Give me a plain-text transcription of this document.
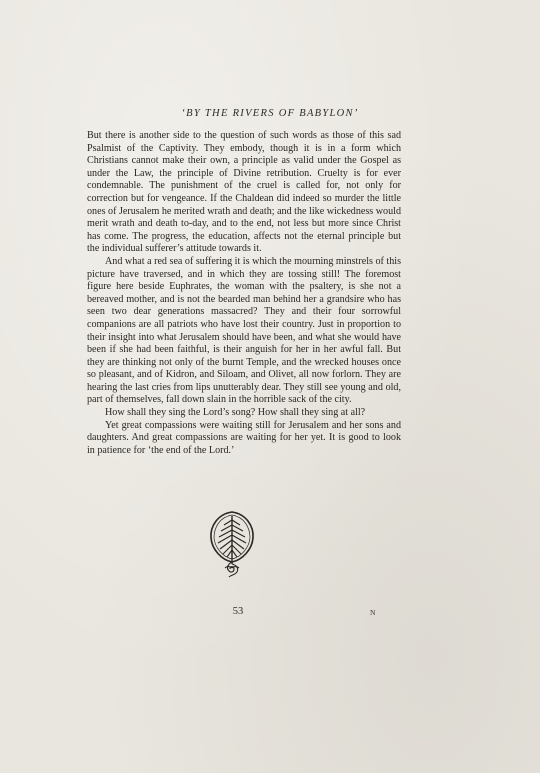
‘BY THE RIVERS OF BABYLON’

But there is another side to the question of such words as those of this sad Psalmist of the Captivity. They embody, though it is in a form which Christians cannot make their own, a principle as valid under the Gospel as under the Law, the principle of Divine retribution. Cruelty is for ever condemnable. The punishment of the cruel is called for, not only for correction but for vengeance. If the Chaldean did indeed so murder the little ones of Jerusalem he merited wrath and death; and the like wickedness would merit wrath and death to-day, and to the end, not less but more since Christ has come. The progress, the education, affects not the eternal principle but the individual sufferer’s attitude towards it.

And what a red sea of suffering it is which the mourning minstrels of this picture have traversed, and in which they are tossing still! The foremost figure here beside Euphrates, the woman with the psaltery, is she not a bereaved mother, and is not the bearded man behind her a grandsire who has seen two dear generations massacred? They and their four sorrowful companions are all patriots who have lost their country. Just in proportion to their insight into what Jerusalem should have been, and what she would have been if she had been faithful, is their anguish for her in her awful fall. But they are thinking not only of the burnt Temple, and the wrecked houses once so pleasant, and of Kidron, and Siloam, and Olivet, all now forlorn. They are hearing the last cries from lips unutterably dear. They still see young and old, part of themselves, fall down slain in the horrible sack of the city.

How shall they sing the Lord’s song? How shall they sing at all?

Yet great compassions were waiting still for Jerusalem and her sons and daughters. And great compassions are waiting for her yet. It is good to look in patience for ‘the end of the Lord.’

53	N
